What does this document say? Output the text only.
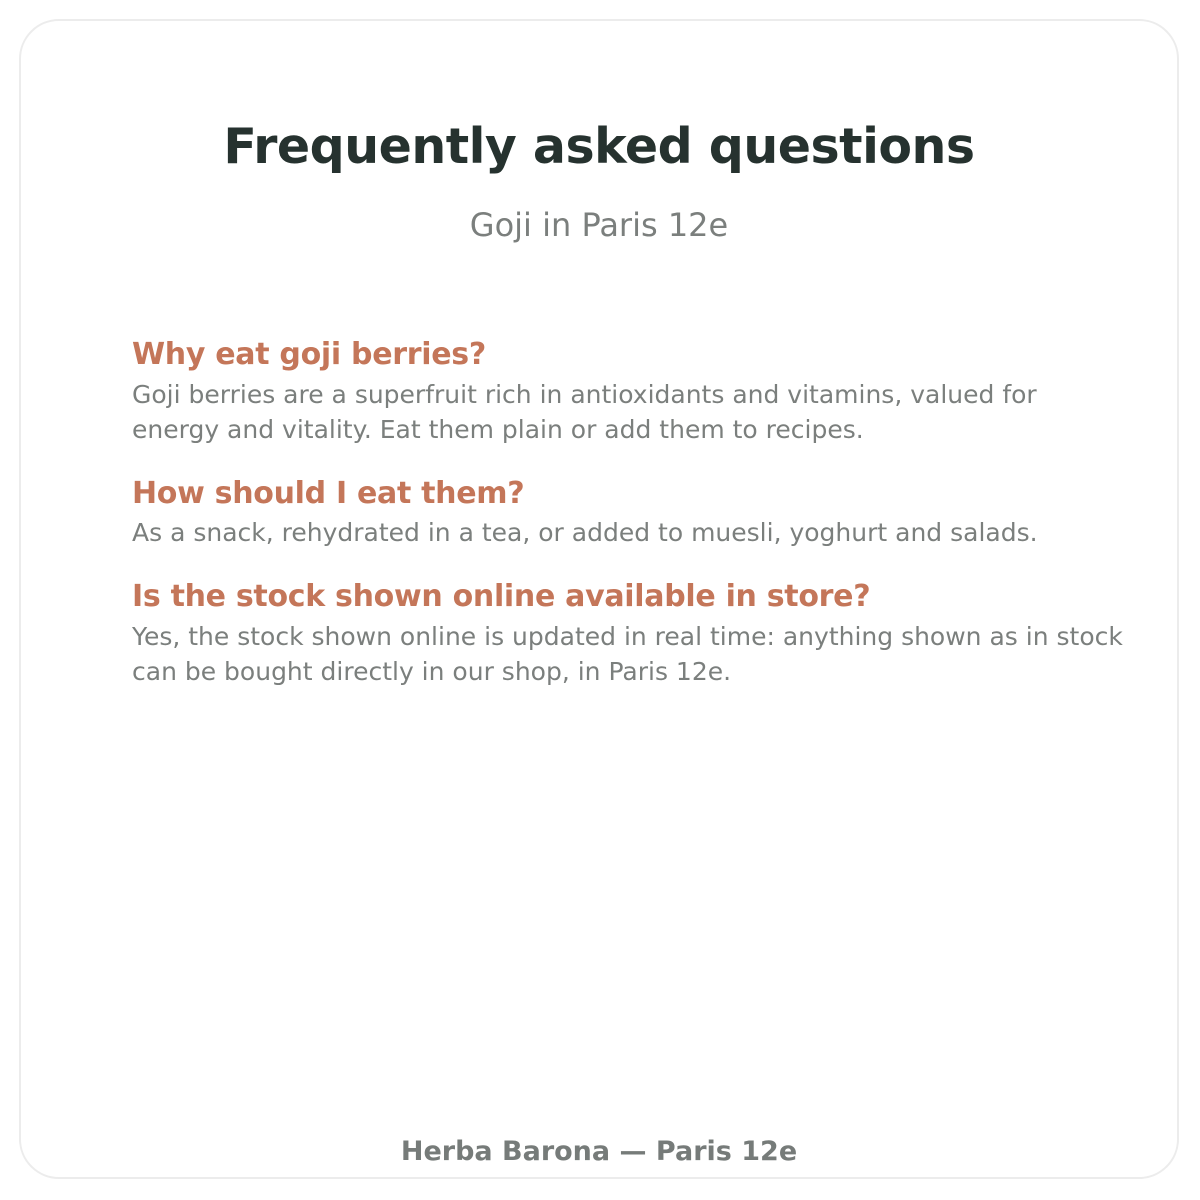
Frequently asked questions

Goji in Paris 12e

Why eat goji berries?

Goji berries are a superfruit rich in antioxidants and vitamins, valued for energy and vitality. Eat them plain or add them to recipes.

How should I eat them?

As a snack, rehydrated in a tea, or added to muesli, yoghurt and salads.

Is the stock shown online available in store?

Yes, the stock shown online is updated in real time: anything shown as in stock can be bought directly in our shop, in Paris 12e.

Herba Barona — Paris 12e
